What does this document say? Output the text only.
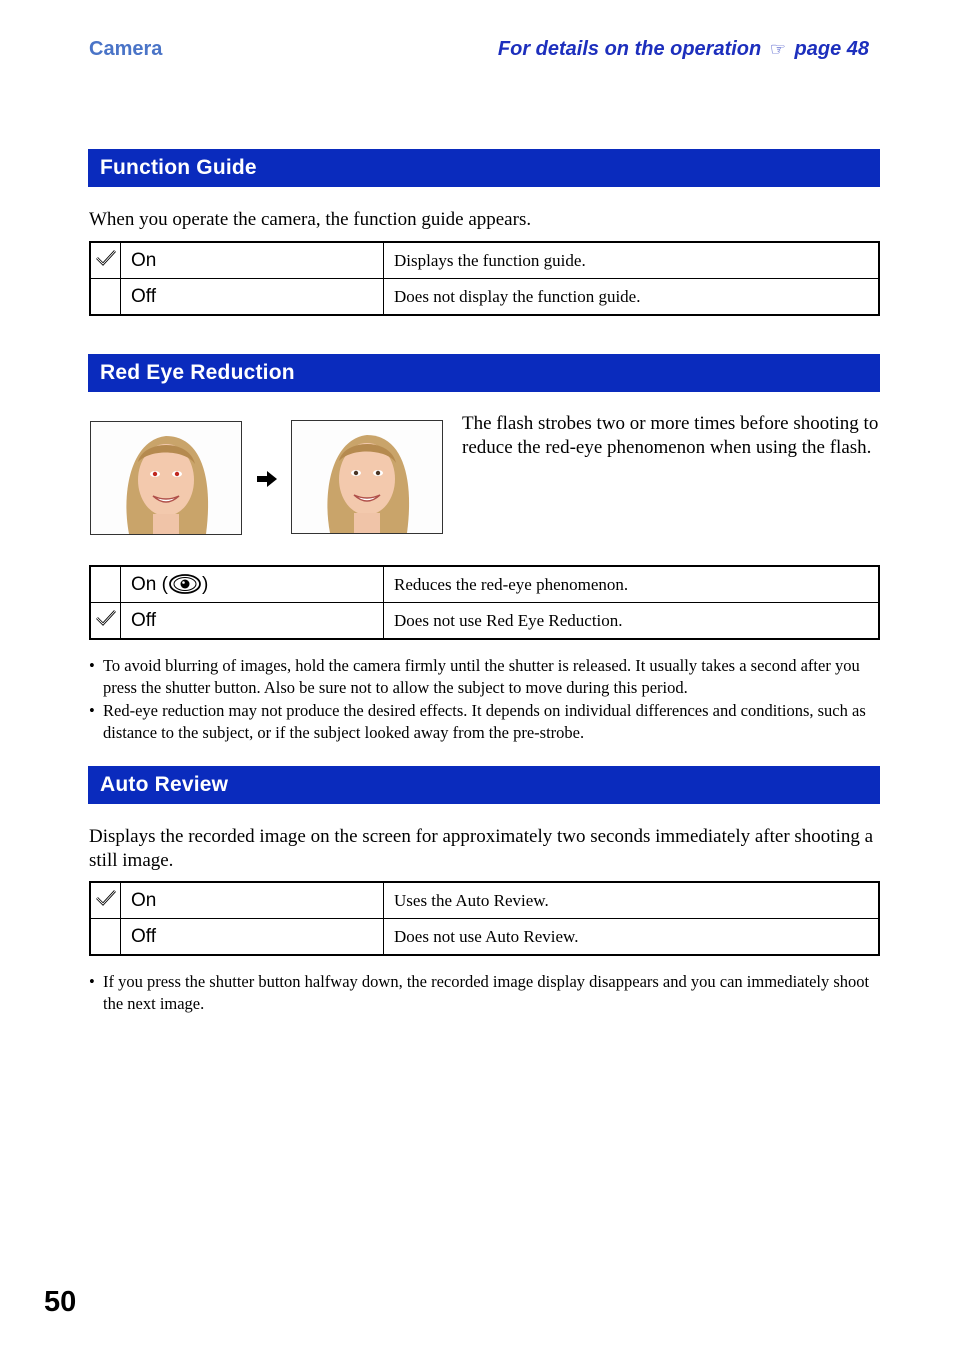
Camera	For details on the operation ☞ page 48
Function Guide
When you operate the camera, the function guide appears.
	On	Displays the function guide.
	Off	Does not display the function guide.
Red Eye Reduction
The flash strobes two or more times before shooting to reduce the red-eye phenomenon when using the flash.
	On ( )	Reduces the red-eye phenomenon.
	Off	Does not use Red Eye Reduction.
• To avoid blurring of images, hold the camera firmly until the shutter is released. It usually takes a second after you press the shutter button. Also be sure not to allow the subject to move during this period.
• Red-eye reduction may not produce the desired effects. It depends on individual differences and conditions, such as distance to the subject, or if the subject looked away from the pre-strobe.
Auto Review
Displays the recorded image on the screen for approximately two seconds immediately after shooting a still image.
	On	Uses the Auto Review.
	Off	Does not use Auto Review.
• If you press the shutter button halfway down, the recorded image display disappears and you can immediately shoot the next image.
50
